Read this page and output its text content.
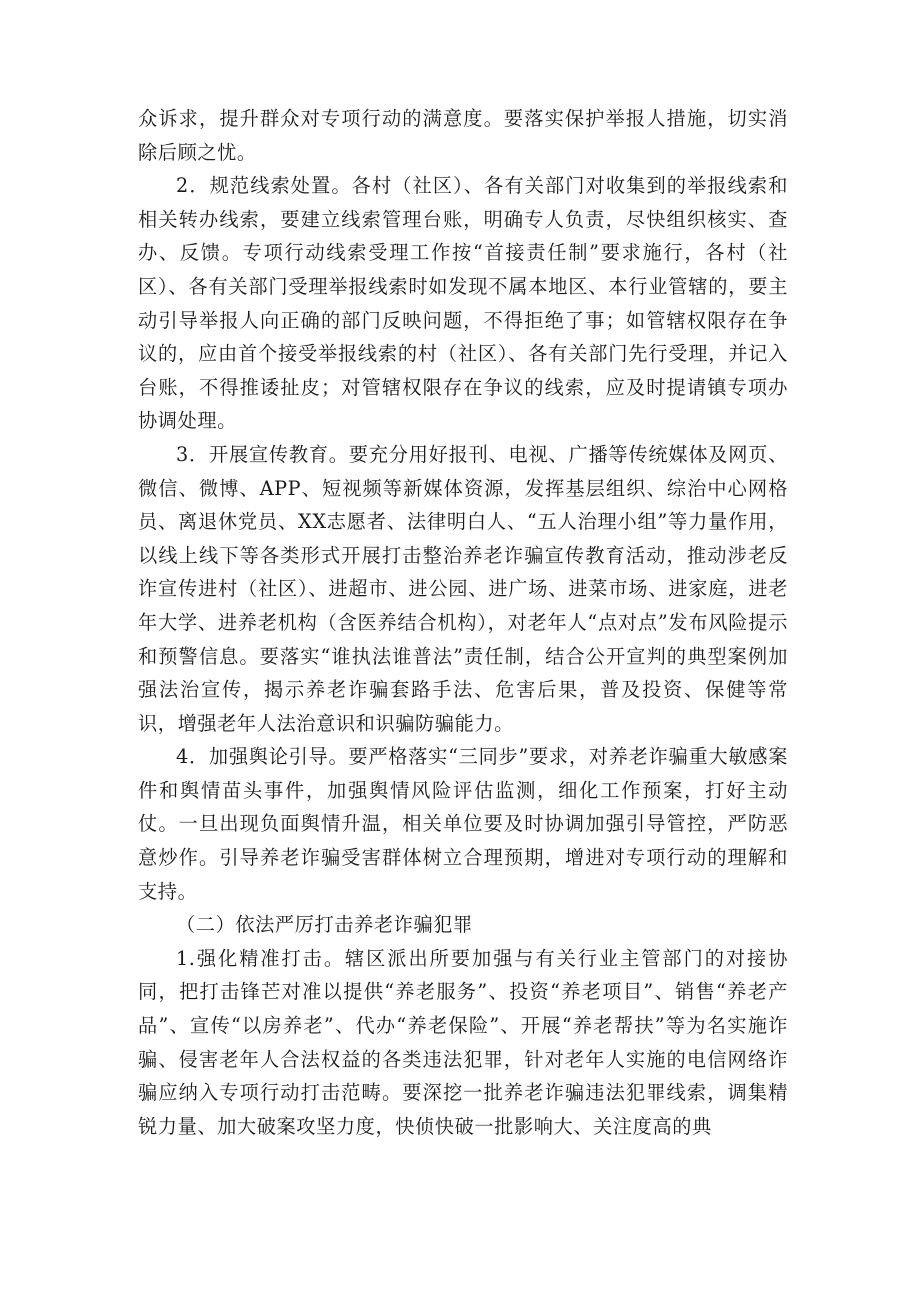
众诉求，提升群众对专项行动的满意度。要落实保护举报人措施，切实消除后顾之忧。

2．规范线索处置。各村（社区）、各有关部门对收集到的举报线索和相关转办线索，要建立线索管理台账，明确专人负责，尽快组织核实、查办、反馈。专项行动线索受理工作按“首接责任制”要求施行，各村（社区）、各有关部门受理举报线索时如发现不属本地区、本行业管辖的，要主动引导举报人向正确的部门反映问题，不得拒绝了事；如管辖权限存在争议的，应由首个接受举报线索的村（社区）、各有关部门先行受理，并记入台账，不得推诿扯皮；对管辖权限存在争议的线索，应及时提请镇专项办协调处理。

3．开展宣传教育。要充分用好报刊、电视、广播等传统媒体及网页、微信、微博、APP、短视频等新媒体资源，发挥基层组织、综治中心网格员、离退休党员、XX志愿者、法律明白人、“五人治理小组”等力量作用，以线上线下等各类形式开展打击整治养老诈骗宣传教育活动，推动涉老反诈宣传进村（社区）、进超市、进公园、进广场、进菜市场、进家庭，进老年大学、进养老机构（含医养结合机构），对老年人“点对点”发布风险提示和预警信息。要落实“谁执法谁普法”责任制，结合公开宣判的典型案例加强法治宣传，揭示养老诈骗套路手法、危害后果，普及投资、保健等常识，增强老年人法治意识和识骗防骗能力。

4．加强舆论引导。要严格落实“三同步”要求，对养老诈骗重大敏感案件和舆情苗头事件，加强舆情风险评估监测，细化工作预案，打好主动仗。一旦出现负面舆情升温，相关单位要及时协调加强引导管控，严防恶意炒作。引导养老诈骗受害群体树立合理预期，增进对专项行动的理解和支持。

（二）依法严厉打击养老诈骗犯罪

1.强化精准打击。辖区派出所要加强与有关行业主管部门的对接协同，把打击锋芒对准以提供“养老服务”、投资“养老项目”、销售“养老产品”、宣传“以房养老”、代办“养老保险”、开展“养老帮扶”等为名实施诈骗、侵害老年人合法权益的各类违法犯罪，针对老年人实施的电信网络诈骗应纳入专项行动打击范畴。要深挖一批养老诈骗违法犯罪线索，调集精锐力量、加大破案攻坚力度，快侦快破一批影响大、关注度高的典
